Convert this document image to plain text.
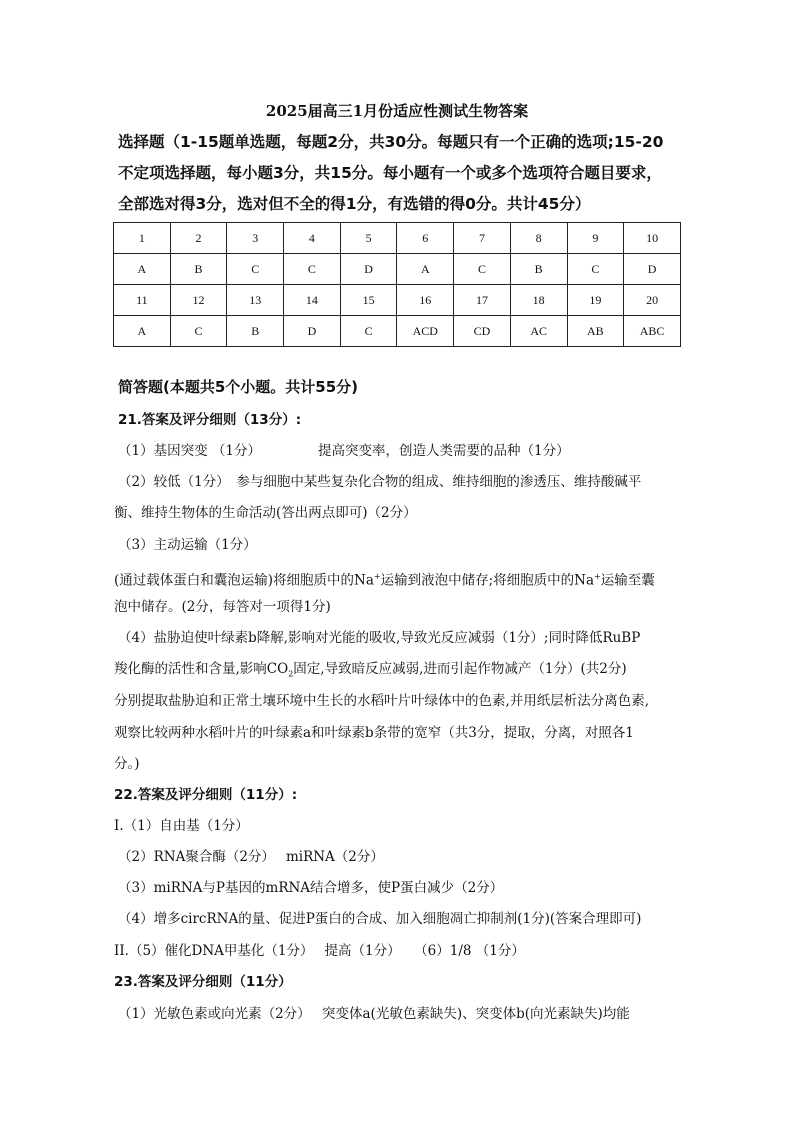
2025届高三1月份适应性测试生物答案
选择题（1-15题单选题，每题2分，共30分。每题只有一个正确的选项;15-20
不定项选择题，每小题3分，共15分。每小题有一个或多个选项符合题目要求，
全部选对得3分，选对但不全的得1分，有选错的得0分。共计45分）
1	2	3	4	5	6	7	8	9	10
A	B	C	C	D	A	C	B	C	D
11	12	13	14	15	16	17	18	19	20
A	C	B	D	C	ACD	CD	AC	AB	ABC
简答题(本题共5个小题。共计55分)
21.答案及评分细则（13分）:
（1）基因突变 （1分）	提高突变率，创造人类需要的品种（1分）
（2）较低（1分）　参与细胞中某些复杂化合物的组成、维持细胞的渗透压、维持酸碱平
衡、维持生物体的生命活动(答出两点即可)（2分）
（3）主动运输（1分）
(通过载体蛋白和囊泡运输)将细胞质中的Na+运输到液泡中储存;将细胞质中的Na+运输至囊
泡中储存。(2分，每答对一项得1分)
（4）盐胁迫使叶绿素b降解,影响对光能的吸收,导致光反应减弱（1分）;同时降低RuBP
羧化酶的活性和含量,影响$CO_2$固定,导致暗反应减弱,进而引起作物减产（1分）(共2分)
分别提取盐胁迫和正常土壤环境中生长的水稻叶片叶绿体中的色素,并用纸层析法分离色素,
观察比较两种水稻叶片的叶绿素a和叶绿素b条带的宽窄（共3分，提取，分离，对照各1
分。)
22.答案及评分细则（11分）:
I.（1）自由基（1分）
（2）RNA聚合酶（2分）　 miRNA（2分）
（3）miRNA与P基因的mRNA结合增多，使P蛋白减少（2分）
（4）增多circRNA的量、促进P蛋白的合成、加入细胞凋亡抑制剂(1分)(答案合理即可)
II.（5）催化DNA甲基化（1分）　 提高（1分）　　（6）1/8 （1分）
23.答案及评分细则（11分）
（1）光敏色素或向光素（2分） 突变体a(光敏色素缺失)、突变体b(向光素缺失)均能
